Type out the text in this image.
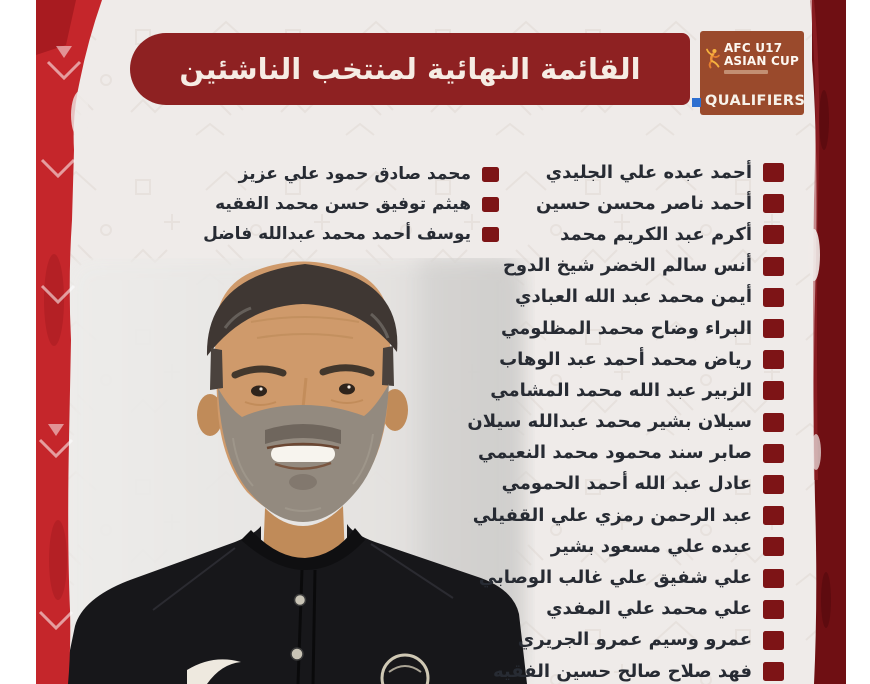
القائمة النهائية لمنتخب الناشئين
AFC U17
ASIAN CUP
QUALIFIERS
أحمد عبده علي الجليدي
أحمد ناصر محسن حسين
أكرم عبد الكريم محمد
أنس سالم الخضر شيخ الدوح
أيمن محمد عبد الله العبادي
البراء وضاح محمد المظلومي
رياض محمد أحمد عبد الوهاب
الزبير عبد الله محمد المشامي
سيلان بشير محمد عبدالله سيلان
صابر سند محمود محمد النعيمي
عادل عبد الله أحمد الحمومي
عبد الرحمن رمزي علي القفيلي
عبده علي مسعود بشير
علي شفيق علي غالب الوصابي
علي محمد علي المفدي
عمرو وسيم عمرو الجريري
فهد صلاح صالح حسين الفقيه
محمد صادق حمود علي عزيز
هيثم توفيق حسن محمد الفقيه
يوسف أحمد محمد عبدالله فاضل
